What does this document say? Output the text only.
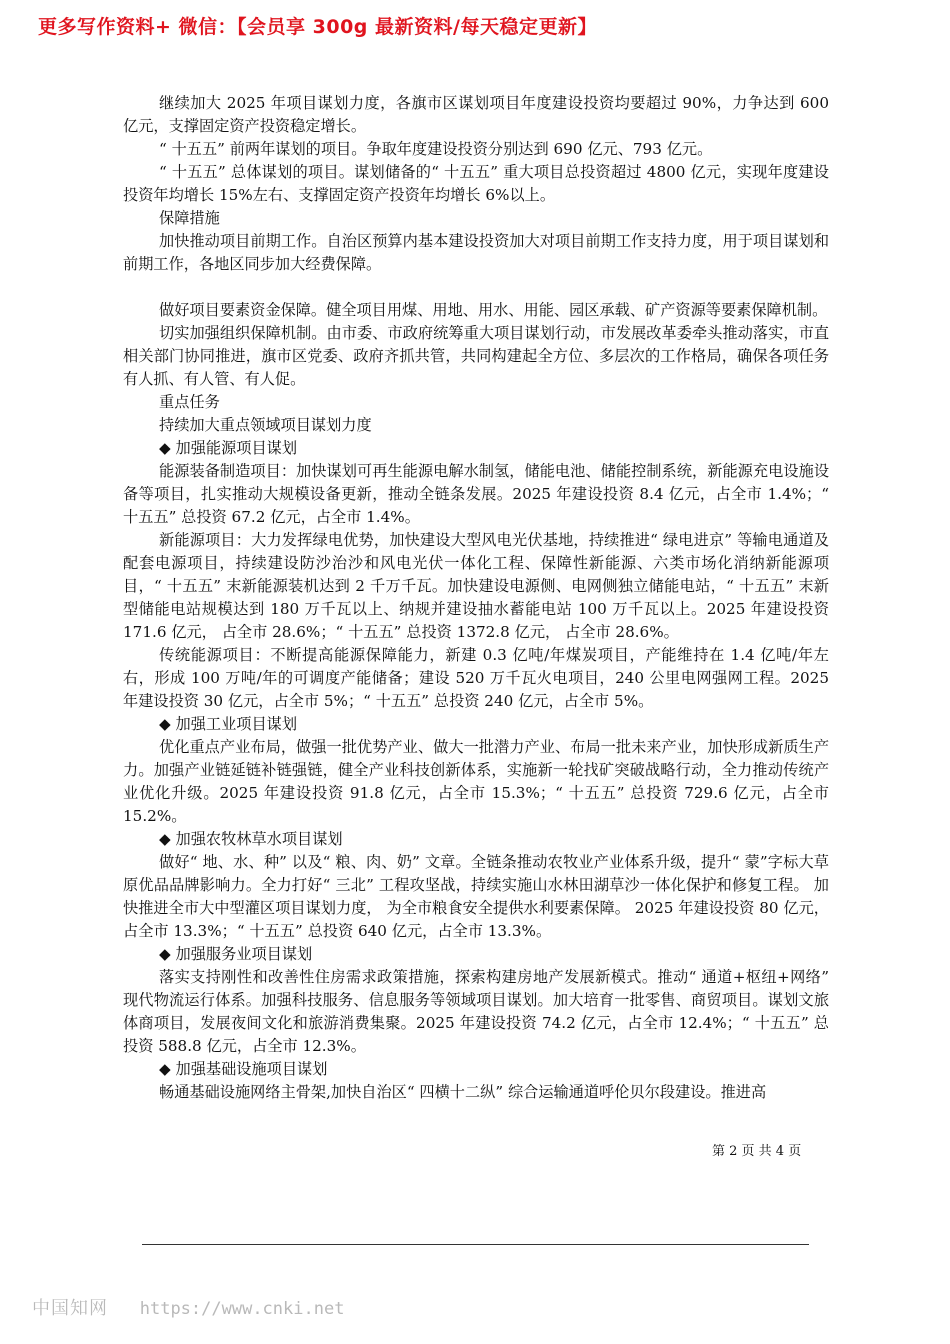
更多写作资料+ 微信：【会员享 300g 最新资料/每天稳定更新】

继续加大 2025 年项目谋划力度，各旗市区谋划项目年度建设投资均要超过 90%，力争达到 600 亿元，支撑固定资产投资稳定增长。

“ 十五五” 前两年谋划的项目。争取年度建设投资分别达到 690 亿元、793 亿元。

“ 十五五” 总体谋划的项目。谋划储备的“ 十五五” 重大项目总投资超过 4800 亿元，实现年度建设投资年均增长 15%左右、支撑固定资产投资年均增长 6%以上。

保障措施

加快推动项目前期工作。自治区预算内基本建设投资加大对项目前期工作支持力度，用于项目谋划和前期工作，各地区同步加大经费保障。

做好项目要素资金保障。健全项目用煤、用地、用水、用能、园区承载、矿产资源等要素保障机制。

切实加强组织保障机制。由市委、市政府统筹重大项目谋划行动，市发展改革委牵头推动落实，市直相关部门协同推进，旗市区党委、政府齐抓共管，共同构建起全方位、多层次的工作格局，确保各项任务有人抓、有人管、有人促。

重点任务

持续加大重点领域项目谋划力度

◆ 加强能源项目谋划

能源装备制造项目：加快谋划可再生能源电解水制氢，储能电池、储能控制系统，新能源充电设施设备等项目，扎实推动大规模设备更新，推动全链条发展。2025 年建设投资 8.4 亿元，占全市 1.4%；“ 十五五” 总投资 67.2 亿元，占全市 1.4%。

新能源项目：大力发挥绿电优势，加快建设大型风电光伏基地，持续推进“ 绿电进京” 等输电通道及配套电源项目，持续建设防沙治沙和风电光伏一体化工程、保障性新能源、六类市场化消纳新能源项目，“ 十五五” 末新能源装机达到 2 千万千瓦。加快建设电源侧、电网侧独立储能电站，“ 十五五” 末新型储能电站规模达到 180 万千瓦以上、纳规并建设抽水蓄能电站 100 万千瓦以上。2025 年建设投资 171.6 亿元， 占全市 28.6%；“ 十五五” 总投资 1372.8 亿元， 占全市 28.6%。

传统能源项目：不断提高能源保障能力，新建 0.3 亿吨/年煤炭项目，产能维持在 1.4 亿吨/年左右，形成 100 万吨/年的可调度产能储备；建设 520 万千瓦火电项目，240 公里电网强网工程。2025 年建设投资 30 亿元，占全市 5%；“ 十五五” 总投资 240 亿元，占全市 5%。

◆ 加强工业项目谋划

优化重点产业布局，做强一批优势产业、做大一批潜力产业、布局一批未来产业，加快形成新质生产力。加强产业链延链补链强链，健全产业科技创新体系，实施新一轮找矿突破战略行动，全力推动传统产业优化升级。2025 年建设投资 91.8 亿元，占全市 15.3%；“ 十五五” 总投资 729.6 亿元，占全市 15.2%。

◆ 加强农牧林草水项目谋划

做好“ 地、水、种” 以及“ 粮、肉、奶” 文章。全链条推动农牧业产业体系升级，提升“ 蒙”字标大草原优品品牌影响力。全力打好“ 三北” 工程攻坚战，持续实施山水林田湖草沙一体化保护和修复工程。 加快推进全市大中型灌区项目谋划力度， 为全市粮食安全提供水利要素保障。 2025 年建设投资 80 亿元，占全市 13.3%；“ 十五五” 总投资 640 亿元，占全市 13.3%。

◆ 加强服务业项目谋划

落实支持刚性和改善性住房需求政策措施，探索构建房地产发展新模式。推动“ 通道+枢纽+网络” 现代物流运行体系。加强科技服务、信息服务等领域项目谋划。加大培育一批零售、商贸项目。谋划文旅体商项目，发展夜间文化和旅游消费集聚。2025 年建设投资 74.2 亿元，占全市 12.4%；“ 十五五” 总投资 588.8 亿元，占全市 12.3%。

◆ 加强基础设施项目谋划

畅通基础设施网络主骨架,加快自治区“ 四横十二纵” 综合运输通道呼伦贝尔段建设。推进高

第 2 页 共 4 页
中国知网 https://www.cnki.net
